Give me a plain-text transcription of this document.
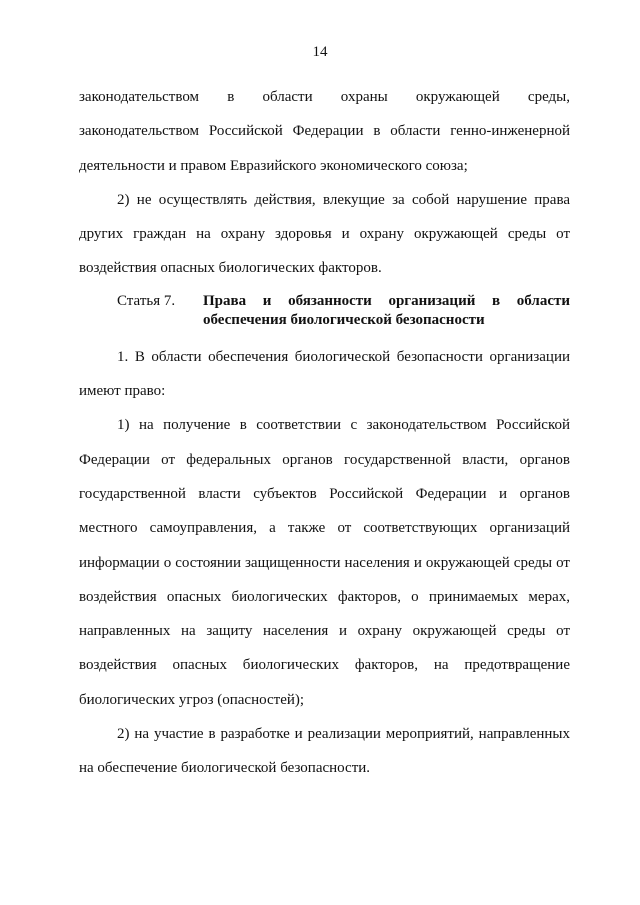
14

законодательством в области охраны окружающей среды, законодательством Российской Федерации в области генно-инженерной деятельности и правом Евразийского экономического союза;

2) не осуществлять действия, влекущие за собой нарушение права других граждан на охрану здоровья и охрану окружающей среды от воздействия опасных биологических факторов.

Статья 7.	Права и обязанности организаций в области обеспечения биологической безопасности

1. В области обеспечения биологической безопасности организации имеют право:

1) на получение в соответствии с законодательством Российской Федерации от федеральных органов государственной власти, органов государственной власти субъектов Российской Федерации и органов местного самоуправления, а также от соответствующих организаций информации о состоянии защищенности населения и окружающей среды от воздействия опасных биологических факторов, о принимаемых мерах, направленных на защиту населения и охрану окружающей среды от воздействия опасных биологических факторов, на предотвращение биологических угроз (опасностей);

2) на участие в разработке и реализации мероприятий, направленных на обеспечение биологической безопасности.
